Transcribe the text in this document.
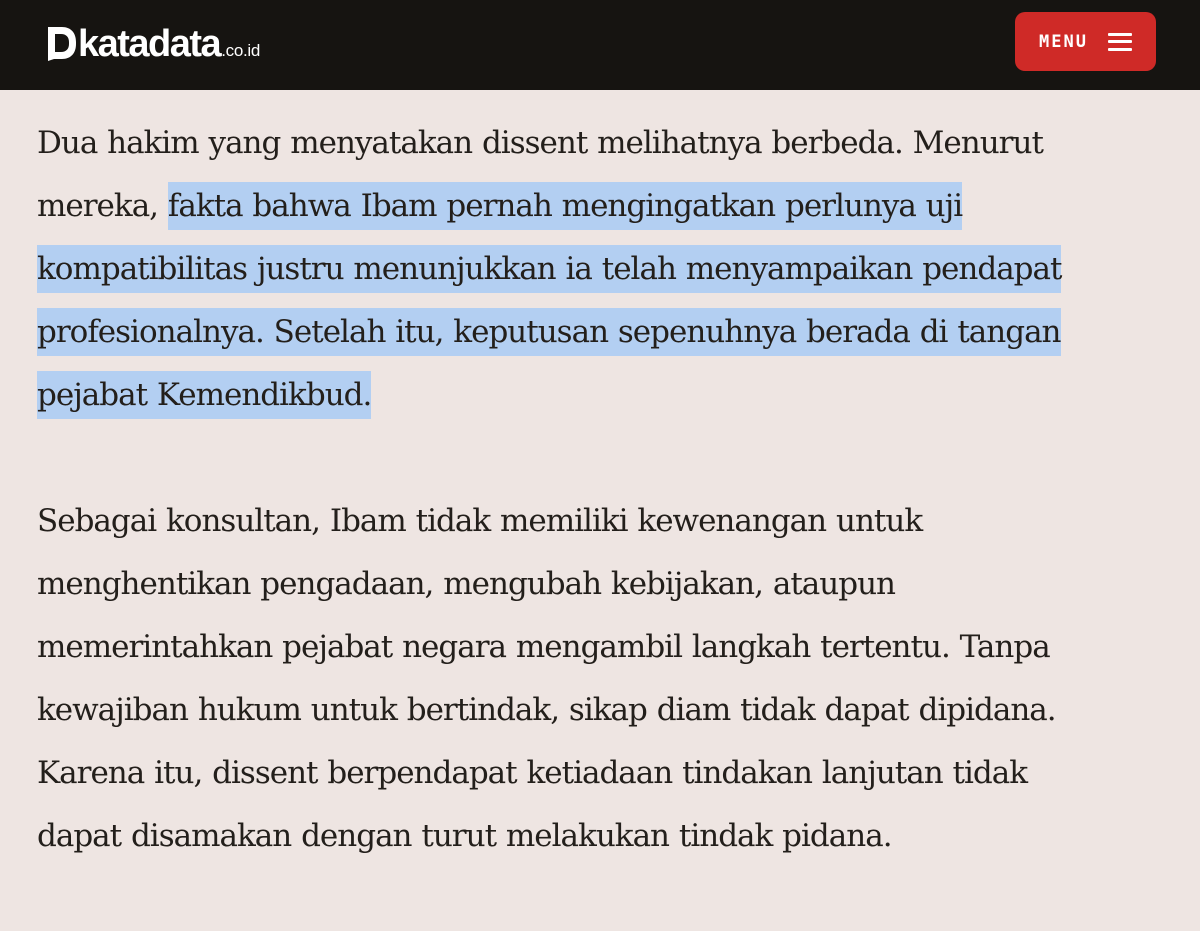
katadata .co.id	MENU

Dua hakim yang menyatakan dissent melihatnya berbeda. Menurut
mereka, fakta bahwa Ibam pernah mengingatkan perlunya uji
kompatibilitas justru menunjukkan ia telah menyampaikan pendapat
profesionalnya. Setelah itu, keputusan sepenuhnya berada di tangan
pejabat Kemendikbud.

Sebagai konsultan, Ibam tidak memiliki kewenangan untuk
menghentikan pengadaan, mengubah kebijakan, ataupun
memerintahkan pejabat negara mengambil langkah tertentu. Tanpa
kewajiban hukum untuk bertindak, sikap diam tidak dapat dipidana.
Karena itu, dissent berpendapat ketiadaan tindakan lanjutan tidak
dapat disamakan dengan turut melakukan tindak pidana.
